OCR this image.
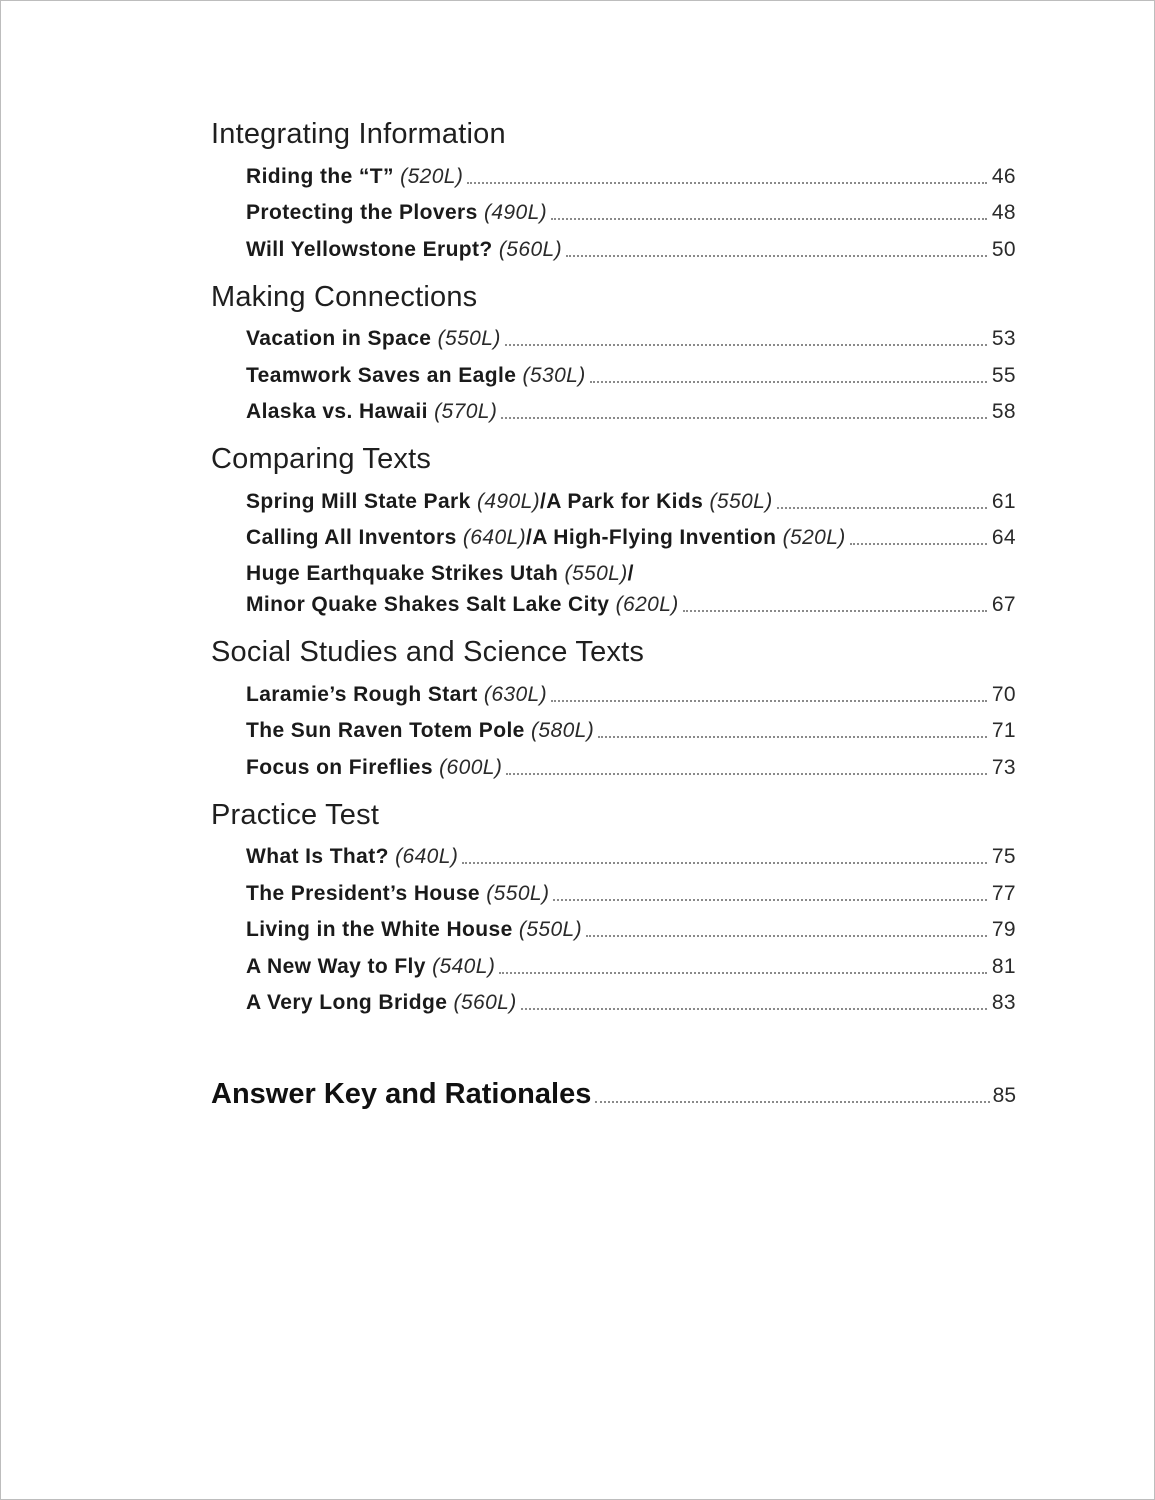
Integrating Information
Riding the “T” (520L)	46
Protecting the Plovers (490L)	48
Will Yellowstone Erupt? (560L)	50
Making Connections
Vacation in Space (550L)	53
Teamwork Saves an Eagle (530L)	55
Alaska vs. Hawaii (570L)	58
Comparing Texts
Spring Mill State Park (490L)/A Park for Kids (550L)	61
Calling All Inventors (640L)/A High-Flying Invention (520L)	64
Huge Earthquake Strikes Utah (550L)/
Minor Quake Shakes Salt Lake City (620L)	67
Social Studies and Science Texts
Laramie’s Rough Start (630L)	70
The Sun Raven Totem Pole (580L)	71
Focus on Fireflies (600L)	73
Practice Test
What Is That? (640L)	75
The President’s House (550L)	77
Living in the White House (550L)	79
A New Way to Fly (540L)	81
A Very Long Bridge (560L)	83
Answer Key and Rationales	85
